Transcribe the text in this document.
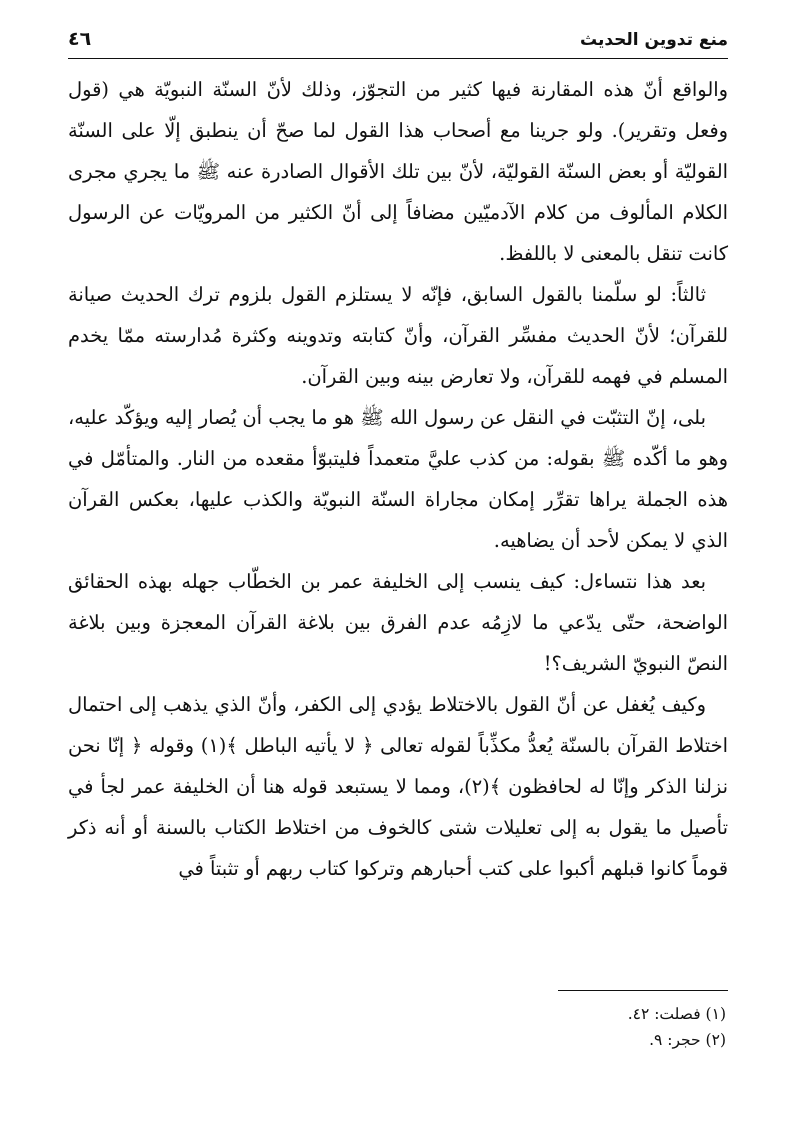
منع تدوين الحديث
٤٦

والواقع أنّ هذه المقارنة فيها كثير من التجوّز، وذلك لأنّ السنّة النبويّة هي (قول وفعل وتقرير). ولو جرينا مع أصحاب هذا القول لما صحّ أن ينطبق إلّا على السنّة القوليّة أو بعض السنّة القوليّة، لأنّ بين تلك الأقوال الصادرة عنه ﷺ ما يجري مجرى الكلام المألوف من كلام الآدميّين مضافاً إلى أنّ الكثير من المرويّات عن الرسول كانت تنقل بالمعنى لا باللفظ.

ثالثاً: لو سلّمنا بالقول السابق، فإنّه لا يستلزم القول بلزوم ترك الحديث صيانة للقرآن؛ لأنّ الحديث مفسِّر القرآن، وأنّ كتابته وتدوينه وكثرة مُدارسته ممّا يخدم المسلم في فهمه للقرآن، ولا تعارض بينه وبين القرآن.

بلى، إنّ التثبّت في النقل عن رسول الله ﷺ هو ما يجب أن يُصار إليه ويؤكّد عليه، وهو ما أكّده ﷺ بقوله: من كذب عليَّ متعمداً فليتبوّأ مقعده من النار. والمتأمّل في هذه الجملة يراها تقرِّر إمكان مجاراة السنّة النبويّة والكذب عليها، بعكس القرآن الذي لا يمكن لأحد أن يضاهيه.

بعد هذا نتساءل: كيف ينسب إلى الخليفة عمر بن الخطّاب جهله بهذه الحقائق الواضحة، حتّى يدّعي ما لازِمُه عدم الفرق بين بلاغة القرآن المعجزة وبين بلاغة النصّ النبويّ الشريف؟!

وكيف يُغفل عن أنّ القول بالاختلاط يؤدي إلى الكفر، وأنّ الذي يذهب إلى احتمال اختلاط القرآن بالسنّة يُعدُّ مكذِّباً لقوله تعالى ﴿ لا يأتيه الباطل ﴾(١) وقوله ﴿ إنّا نحن نزلنا الذكر وإنّا له لحافظون ﴾(٢)، ومما لا يستبعد قوله هنا أن الخليفة عمر لجأ في تأصيل ما يقول به إلى تعليلات شتى كالخوف من اختلاط الكتاب بالسنة أو أنه ذكر قوماً كانوا قبلهم أكبوا على كتب أحبارهم وتركوا كتاب ربهم أو تثبتاً في

(١) فصلت: ٤٢.
(٢) حجر: ٩.
